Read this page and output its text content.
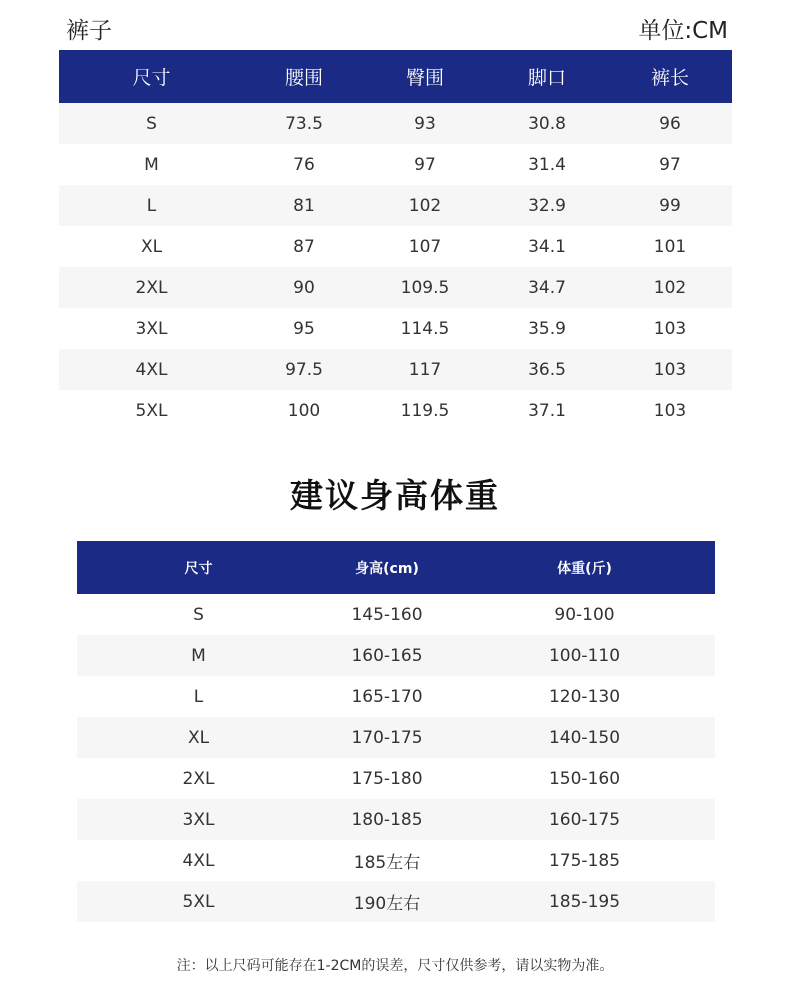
裤子	单位:CM
尺寸	腰围	臀围	脚口	裤长
S	73.5	93	30.8	96
M	76	97	31.4	97
L	81	102	32.9	99
XL	87	107	34.1	101
2XL	90	109.5	34.7	102
3XL	95	114.5	35.9	103
4XL	97.5	117	36.5	103
5XL	100	119.5	37.1	103
建议身高体重
尺寸	身高(cm)	体重(斤)
S	145-160	90-100
M	160-165	100-110
L	165-170	120-130
XL	170-175	140-150
2XL	175-180	150-160
3XL	180-185	160-175
4XL	185左右	175-185
5XL	190左右	185-195
注：以上尺码可能存在1-2CM的误差，尺寸仅供参考，请以实物为准。
